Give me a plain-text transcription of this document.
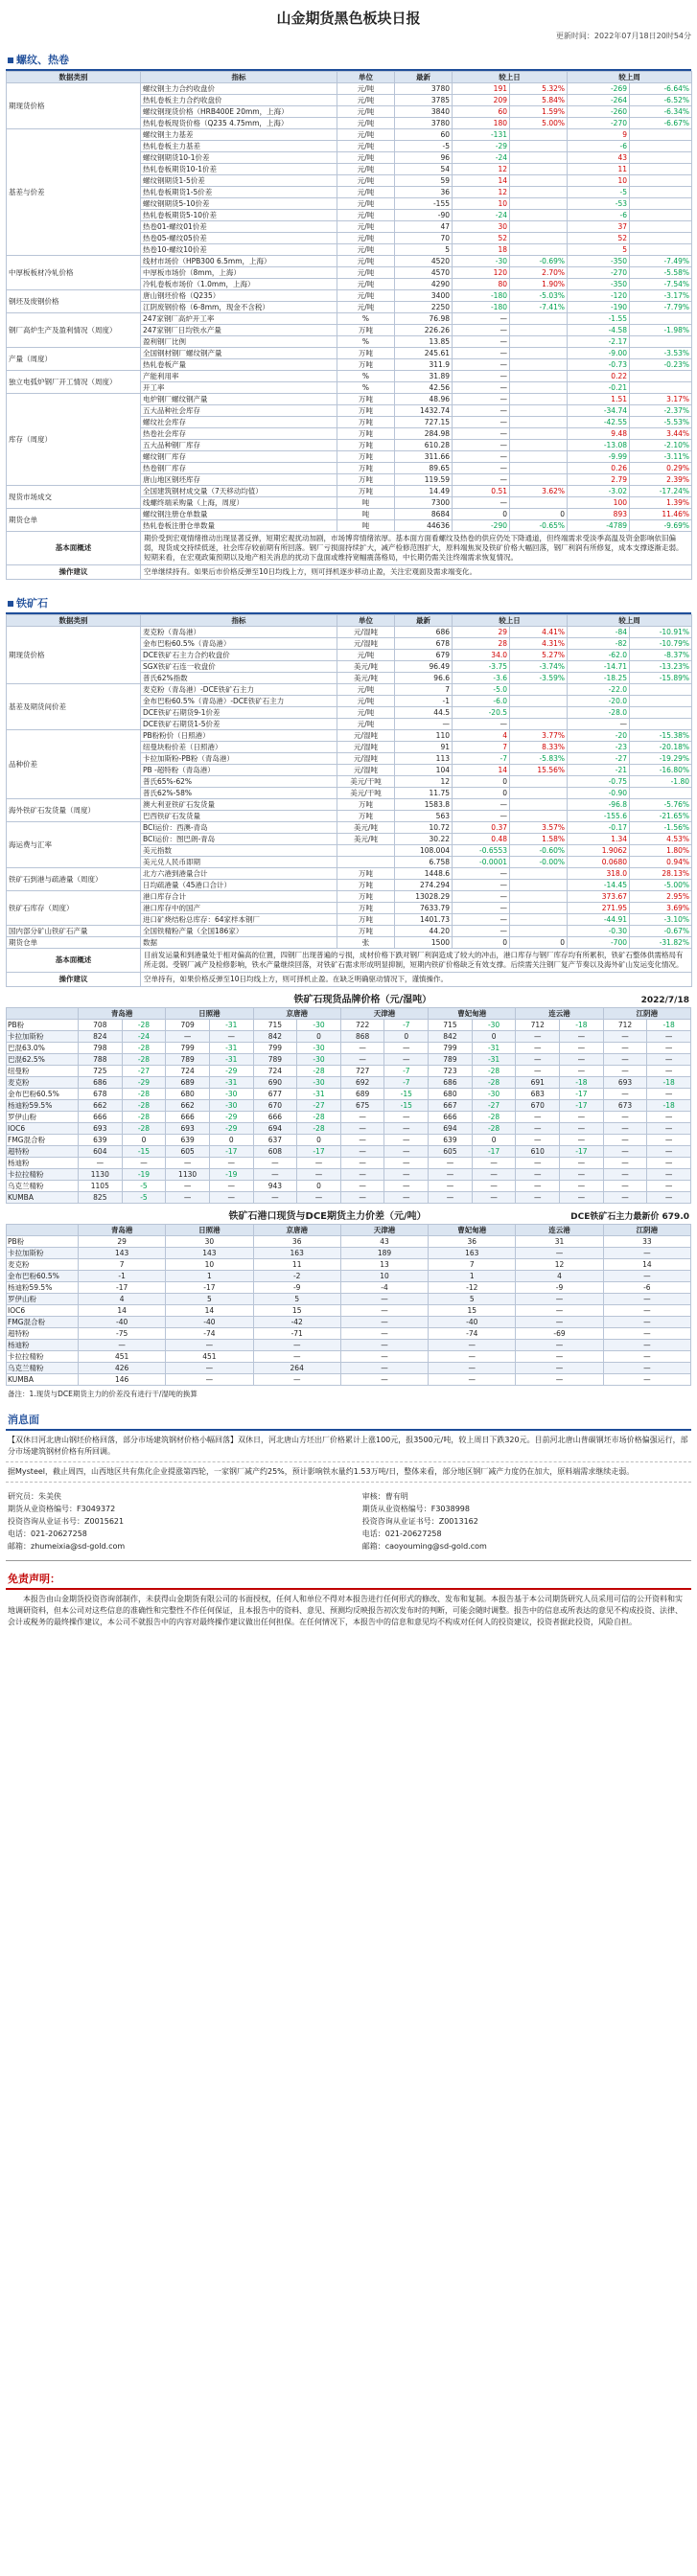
山金期货黑色板块日报
更新时间：2022年07月18日20时54分
螺纹、热卷
数据类别	指标	单位	最新	较上日		较上周	
期现货价格	螺纹钢主力合约收盘价	元/吨	3780	191	5.32%	-269	-6.64%
	热轧卷板主力合约收盘价	元/吨	3785	209	5.84%	-264	-6.52%
	螺纹钢现货价格（HRB400E 20mm，上海）	元/吨	3840	60	1.59%	-260	-6.34%
	热轧卷板现货价格（Q235 4.75mm，上海）	元/吨	3780	180	5.00%	-270	-6.67%
基差与价差	螺纹钢主力基差	元/吨	60	-131		9	
	热轧卷板主力基差	元/吨	-5	-29		-6	
	螺纹钢期货10-1价差	元/吨	96	-24		43	
	热轧卷板期货10-1价差	元/吨	54	12		11	
	螺纹钢期货1-5价差	元/吨	59	14		10	
	热轧卷板期货1-5价差	元/吨	36	12		-5	
	螺纹钢期货5-10价差	元/吨	-155	10		-53	
	热轧卷板期货5-10价差	元/吨	-90	-24		-6	
	热卷01-螺纹01价差	元/吨	47	30		37	
	热卷05-螺纹05价差	元/吨	70	52		52	
	热卷10-螺纹10价差	元/吨	5	18		5	
中厚板板材冷轧价格	线材市场价（HPB300 6.5mm，上海）	元/吨	4520	-30	-0.69%	-350	-7.49%
	中厚板市场价（8mm，上海）	元/吨	4570	120	2.70%	-270	-5.58%
	冷轧卷板市场价（1.0mm，上海）	元/吨	4290	80	1.90%	-350	-7.54%
钢坯及废钢价格	唐山钢坯价格（Q235）	元/吨	3400	-180	-5.03%	-120	-3.17%
	江阴废钢价格（6-8mm，现金不含税）	元/吨	2250	-180	-7.41%	-190	-7.79%
钢厂高炉生产及盈利情况（周度）	247家钢厂高炉开工率	%	76.98	—		-1.55	
	247家钢厂日均铁水产量	万吨	226.26	—		-4.58	-1.98%
	盈利钢厂比例	%	13.85	—		-2.17	
产量（周度）	全国钢材钢厂螺纹钢产量	万吨	245.61	—		-9.00	-3.53%
	热轧卷板产量	万吨	311.9	—		-0.73	-0.23%
独立电弧炉钢厂开工情况（周度）	产能利用率	%	31.89	—		0.22	
	开工率	%	42.56	—		-0.21	
库存（周度）	电炉钢厂螺纹钢产量	万吨	48.96	—		1.51	3.17%
	五大品种社会库存	万吨	1432.74	—		-34.74	-2.37%
	螺纹社会库存	万吨	727.15	—		-42.55	-5.53%
	热卷社会库存	万吨	284.98	—		9.48	3.44%
	五大品种钢厂库存	万吨	610.28	—		-13.08	-2.10%
	螺纹钢厂库存	万吨	311.66	—		-9.99	-3.11%
	热卷钢厂库存	万吨	89.65	—		0.26	0.29%
	唐山地区钢坯库存	万吨	119.59	—		2.79	2.39%
现货市场成交	全国建筑钢材成交量（7天移动均值）	万吨	14.49	0.51	3.62%	-3.02	-17.24%
	线螺终端采购量（上海，周度）	吨	7300	—		100	1.39%
期货仓单	螺纹钢注册仓单数量	吨	8684	0	0	893	11.46%
	热轧卷板注册仓单数量	吨	44636	-290	-0.65%	-4789	-9.69%
基本面概述	期价受到宏观情绪推动出现显著反弹，短期宏观扰动加剧，市场博弈情绪浓厚。基本面方面看螺纹及热卷的供应仍处下降通道，但终端需求受淡季高温及资金影响依旧偏弱，现货成交持续低迷，社会库存较前期有所回落。钢厂亏损面持续扩大，减产检修范围扩大，原料端焦炭及铁矿价格大幅回落，钢厂利润有所修复，成本支撑逐渐走弱。短期来看，在宏观政策预期以及地产相关消息的扰动下盘面或维持宽幅震荡格局，中长期仍需关注终端需求恢复情况。						
操作建议	空单继续持有。如果后市价格反弹至10日均线上方，则可择机逐步移动止盈，关注宏观面及需求端变化。						
铁矿石
数据类别	指标	单位	最新	较上日		较上周	
期现货价格	麦克粉（青岛港）	元/湿吨	686	29	4.41%	-84	-10.91%
	金布巴粉60.5%（青岛港）	元/湿吨	678	28	4.31%	-82	-10.79%
	DCE铁矿石主力合约收盘价	元/吨	679	34.0	5.27%	-62.0	-8.37%
	SGX铁矿石连一收盘价	美元/吨	96.49	-3.75	-3.74%	-14.71	-13.23%
	普氏62%指数	美元/吨	96.6	-3.6	-3.59%	-18.25	-15.89%
基差及期货间价差	麦克粉（青岛港）-DCE铁矿石主力	元/吨	7	-5.0		-22.0	
	金布巴粉60.5%（青岛港）-DCE铁矿石主力	元/吨	-1	-6.0		-20.0	
	DCE铁矿石期货9-1价差	元/吨	44.5	-20.5		-28.0	
	DCE铁矿石期货1-5价差	元/吨	—	—		—	
品种价差	PB粉粉价（日照港）	元/湿吨	110	4	3.77%	-20	-15.38%
	纽曼块粉价差（日照港）	元/湿吨	91	7	8.33%	-23	-20.18%
	卡拉加斯粉-PB粉（青岛港）	元/湿吨	113	-7	-5.83%	-27	-19.29%
	PB -超特粉（青岛港）	元/湿吨	104	14	15.56%	-21	-16.80%
	普氏65%-62%	美元/干吨	12	0		-0.75	-1.80
	普氏62%-58%	美元/干吨	11.75	0		-0.90	
海外铁矿石发货量（周度）	澳大利亚铁矿石发货量	万吨	1583.8	—		-96.8	-5.76%
	巴西铁矿石发货量	万吨	563	—		-155.6	-21.65%
海运费与汇率	BCI运价：西澳-青岛	美元/吨	10.72	0.37	3.57%	-0.17	-1.56%
	BCI运价：图巴朗-青岛	美元/吨	30.22	0.48	1.58%	1.34	4.53%
	美元指数		108.004	-0.6553	-0.60%	1.9062	1.80%
	美元兑人民币即期		6.758	-0.0001	-0.00%	0.0680	0.94%
铁矿石到港与疏港量（周度）	北方六港到港量合计	万吨	1448.6	—		318.0	28.13%
	日均疏港量（45港口合计）	万吨	274.294	—		-14.45	-5.00%
铁矿石库存（周度）	港口库存合计	万吨	13028.29	—		373.67	2.95%
	港口库存中的国产	万吨	7633.79	—		271.95	3.69%
	进口矿烧结粉总库存：64家样本钢厂	万吨	1401.73	—		-44.91	-3.10%
国内部分矿山铁矿石产量	全国铁精粉产量（全国186家）	万吨	44.20	—		-0.30	-0.67%
期货仓单	数据	张	1500	0	0	-700	-31.82%
基本面概述	目前发运量和到港量处于相对偏高的位置，四钢厂出现普遍的亏损，成材价格下跌对钢厂利润造成了较大的冲击，港口库存与钢厂库存均有所累积，铁矿石整体供需格局有所走弱。受钢厂减产及检修影响，铁水产量继续回落，对铁矿石需求形成明显抑制，短期内铁矿价格缺乏有效支撑。后续需关注钢厂复产节奏以及海外矿山发运变化情况。						
操作建议	空单持有，如果价格反弹至10日均线上方，则可择机止盈。在缺乏明确驱动情况下，谨慎操作。						
铁矿石现货品牌价格（元/湿吨）	2022/7/18
	青岛港		日照港		京唐港		天津港		曹妃甸港		连云港		江阴港	
PB粉	708	-28	709	-31	715	-30	722	-7	715	-30	712	-18	712	-18
卡拉加斯粉	824	-24	—	—	842	0	868	0	842	0	—	—	—	—
巴混63.0%	798	-28	799	-31	799	-30	—	—	799	-31	—	—	—	—
巴混62.5%	788	-28	789	-31	789	-30	—	—	789	-31	—	—	—	—
纽曼粉	725	-27	724	-29	724	-28	727	-7	723	-28	—	—	—	—
麦克粉	686	-29	689	-31	690	-30	692	-7	686	-28	691	-18	693	-18
金布巴粉60.5%	678	-28	680	-30	677	-31	689	-15	680	-30	683	-17	—	—
杨迪粉59.5%	662	-28	662	-30	670	-27	675	-15	667	-27	670	-17	673	-18
罗伊山粉	666	-28	666	-29	666	-28	—	—	666	-28	—	—	—	—
IOC6	693	-28	693	-29	694	-28	—	—	694	-28	—	—	—	—
FMG混合粉	639	0	639	0	637	0	—	—	639	0	—	—	—	—
超特粉	604	-15	605	-17	608	-17	—	—	605	-17	610	-17	—	—
杨迪粉	—	—	—	—	—	—	—	—	—	—	—	—	—	—
卡拉拉精粉	1130	-19	1130	-19	—	—	—	—	—	—	—	—	—	—
乌克兰精粉	1105	-5	—	—	943	0	—	—	—	—	—	—	—	—
KUMBA	825	-5	—	—	—	—	—	—	—	—	—	—	—	—
铁矿石港口现货与DCE期货主力价差（元/吨）	DCE铁矿石主力最新价 679.0
	青岛港	日照港	京唐港	天津港	曹妃甸港	连云港	江阴港
PB粉	29	30	36	43	36	31	33
卡拉加斯粉	143	143	163	189	163	—	—
麦克粉	7	10	11	13	7	12	14
金布巴粉60.5%	-1	1	-2	10	1	4	—
杨迪粉59.5%	-17	-17	-9	-4	-12	-9	-6
罗伊山粉	4	5	5	—	5	—	—
IOC6	14	14	15	—	15	—	—
FMG混合粉	-40	-40	-42	—	-40	—	—
超特粉	-75	-74	-71	—	-74	-69	—
杨迪粉	—	—	—	—	—	—	—
卡拉拉精粉	451	451	—	—	—	—	—
乌克兰精粉	426	—	264	—	—	—	—
KUMBA	146	—	—	—	—	—	—
备注：1.现货与DCE期货主力的价差没有进行干/湿吨的换算
消息面
【双休日河北唐山钢坯价格回落，部分市场建筑钢材价格小幅回落】双休日，河北唐山方坯出厂价格累计上涨100元，报3500元/吨，较上周日下跌320元。目前河北唐山普碳钢坯市场价格偏强运行，部分市场建筑钢材价格有所回调。
据Mysteel，截止周四，山西地区共有焦化企业提涨第四轮，一家钢厂减产约25%，预计影响铁水量约1.53万吨/日，整体来看，部分地区钢厂减产力度仍在加大，原料端需求继续走弱。
研究员：朱美侠
期货从业资格编号：F3049372
投资咨询从业证书号：Z0015621
电话：021-20627258
邮箱：zhumeixia@sd-gold.com
审核：曹有明
期货从业资格编号：F3038998
投资咨询从业证书号：Z0013162
电话：021-20627258
邮箱：caoyouming@sd-gold.com
免责声明：
本报告由山金期货投资咨询部制作，未获得山金期货有限公司的书面授权，任何人和单位不得对本报告进行任何形式的修改、发布和复制。本报告基于本公司期货研究人员采用可信的公开资料和实地调研资料，但本公司对这些信息的准确性和完整性不作任何保证，且本报告中的资料、意见、预测均反映报告初次发布时的判断，可能会随时调整。报告中的信息或所表达的意见不构成投资、法律、会计或税务的最终操作建议，本公司不就报告中的内容对最终操作建议做出任何担保。在任何情况下，本报告中的信息和意见均不构成对任何人的投资建议，投资者据此投资，风险自担。
